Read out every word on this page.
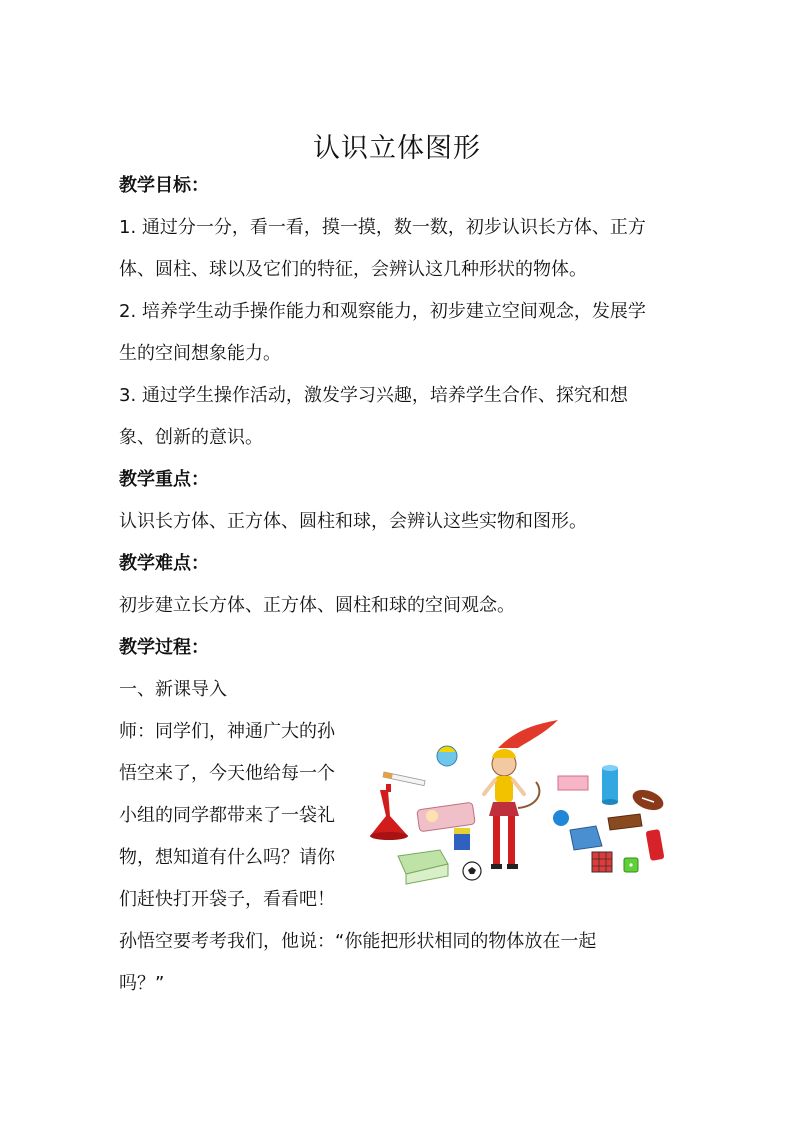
认识立体图形
教学目标：
1. 通过分一分，看一看，摸一摸，数一数，初步认识长方体、正方
体、圆柱、球以及它们的特征，会辨认这几种形状的物体。
2. 培养学生动手操作能力和观察能力，初步建立空间观念，发展学
生的空间想象能力。
3. 通过学生操作活动，激发学习兴趣，培养学生合作、探究和想
象、创新的意识。
教学重点：
认识长方体、正方体、圆柱和球，会辨认这些实物和图形。
教学难点：
初步建立长方体、正方体、圆柱和球的空间观念。
教学过程：
一、新课导入
师：同学们，神通广大的孙
悟空来了，今天他给每一个
小组的同学都带来了一袋礼
物，想知道有什么吗？请你
们赶快打开袋子，看看吧！
孙悟空要考考我们，他说：“你能把形状相同的物体放在一起
吗？”
